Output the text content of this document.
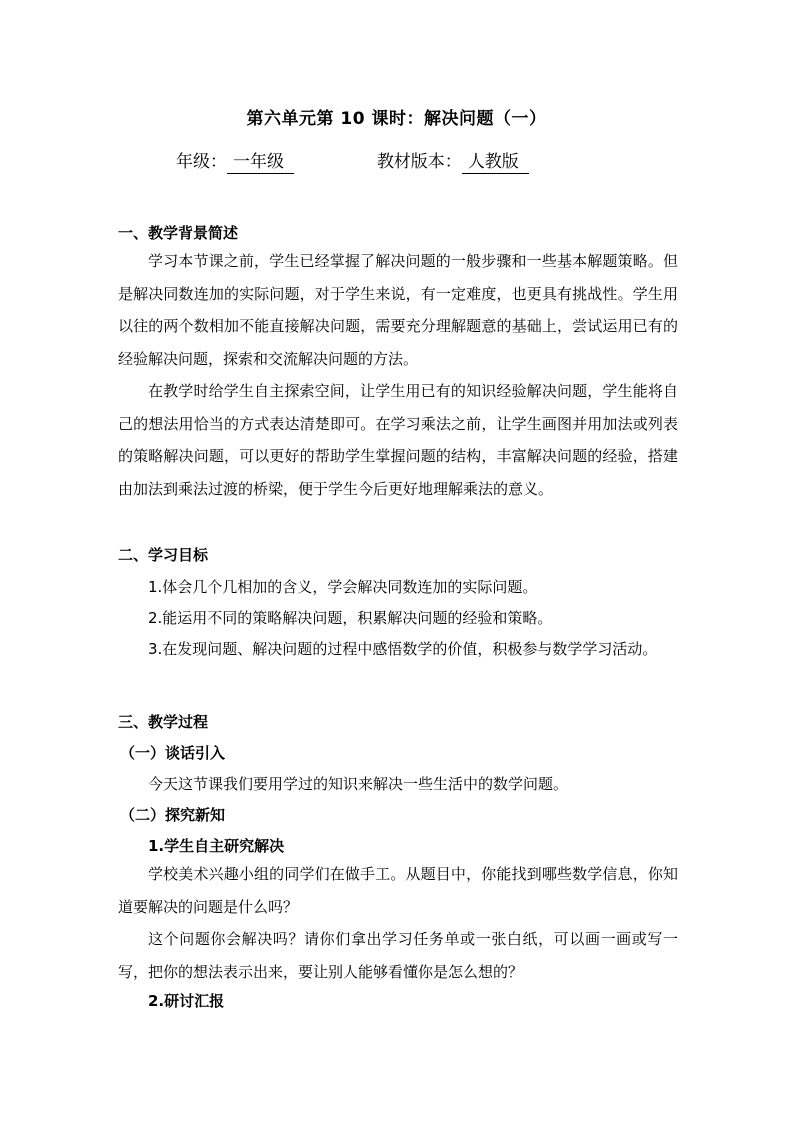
第六单元第 10 课时：解决问题（一）
年级： 一年级	教材版本： 人教版
一、教学背景简述
学习本节课之前，学生已经掌握了解决问题的一般步骤和一些基本解题策略。但是解决同数连加的实际问题，对于学生来说，有一定难度，也更具有挑战性。学生用以往的两个数相加不能直接解决问题，需要充分理解题意的基础上，尝试运用已有的经验解决问题，探索和交流解决问题的方法。
在教学时给学生自主探索空间，让学生用已有的知识经验解决问题，学生能将自己的想法用恰当的方式表达清楚即可。在学习乘法之前，让学生画图并用加法或列表的策略解决问题，可以更好的帮助学生掌握问题的结构，丰富解决问题的经验，搭建由加法到乘法过渡的桥梁，便于学生今后更好地理解乘法的意义。
二、学习目标
1.体会几个几相加的含义，学会解决同数连加的实际问题。
2.能运用不同的策略解决问题，积累解决问题的经验和策略。
3.在发现问题、解决问题的过程中感悟数学的价值，积极参与数学学习活动。
三、教学过程
（一）谈话引入
今天这节课我们要用学过的知识来解决一些生活中的数学问题。
（二）探究新知
1.学生自主研究解决
学校美术兴趣小组的同学们在做手工。从题目中，你能找到哪些数学信息，你知道要解决的问题是什么吗？
这个问题你会解决吗？请你们拿出学习任务单或一张白纸，可以画一画或写一写，把你的想法表示出来，要让别人能够看懂你是怎么想的？
2.研讨汇报
